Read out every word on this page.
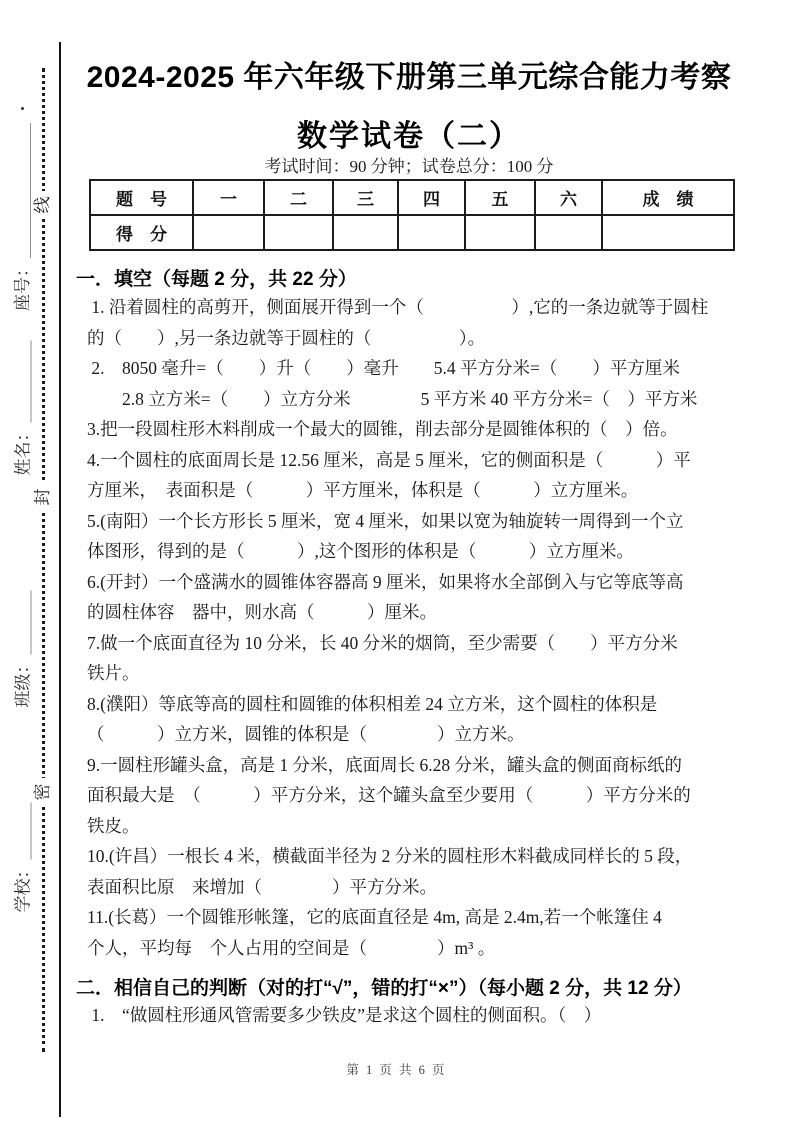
线
封
密
座号：
姓名：
班级：
学校：
2024-2025 年六年级下册第三单元综合能力考察
数学试卷（二）
考试时间：90 分钟；试卷总分：100 分
题　号	一	二	三	四	五	六	成　绩
得　分							
一．填空（每题 2 分，共 22 分）
1. 沿着圆柱的高剪开，侧面展开得到一个（　　　　　）,它的一条边就等于圆柱
的（　　）,另一条边就等于圆柱的（　　　　　）。
2.　8050 毫升=（　　）升（　　）毫升　　5.4 平方分米=（　　）平方厘米
　　2.8 立方米=（　　）立方分米　　　　5 平方米 40 平方分米=（　）平方米
3.把一段圆柱形木料削成一个最大的圆锥，削去部分是圆锥体积的（　）倍。
4.一个圆柱的底面周长是 12.56 厘米，高是 5 厘米，它的侧面积是（　　　）平
方厘米，　表面积是（　　　）平方厘米，体积是（　　　）立方厘米。
5.(南阳）一个长方形长 5 厘米，宽 4 厘米，如果以宽为轴旋转一周得到一个立
体图形，得到的是（　　　）,这个图形的体积是（　　　）立方厘米。
6.(开封）一个盛满水的圆锥体容器高 9 厘米，如果将水全部倒入与它等底等高
的圆柱体容　器中，则水高（　　　）厘米。
7.做一个底面直径为 10 分米，长 40 分米的烟筒，至少需要（　　）平方分米
铁片。
8.(濮阳）等底等高的圆柱和圆锥的体积相差 24 立方米，这个圆柱的体积是
（　　　）立方米，圆锥的体积是（　　　　）立方米。
9.一圆柱形罐头盒，高是 1 分米，底面周长 6.28 分米，罐头盒的侧面商标纸的
面积最大是　（　　　）平方分米，这个罐头盒至少要用（　　　）平方分米的
铁皮。
10.(许昌）一根长 4 米，横截面半径为 2 分米的圆柱形木料截成同样长的 5 段，
表面积比原　来增加（　　　　）平方分米。
11.(长葛）一个圆锥形帐篷，它的底面直径是 4m, 高是 2.4m,若一个帐篷住 4
个人，平均每　个人占用的空间是（　　　　）m³ 。
二．相信自己的判断（对的打“√”，错的打“×”）（每小题 2 分，共 12 分）
1.　“做圆柱形通风管需要多少铁皮”是求这个圆柱的侧面积。（　）
第 1 页 共 6 页
